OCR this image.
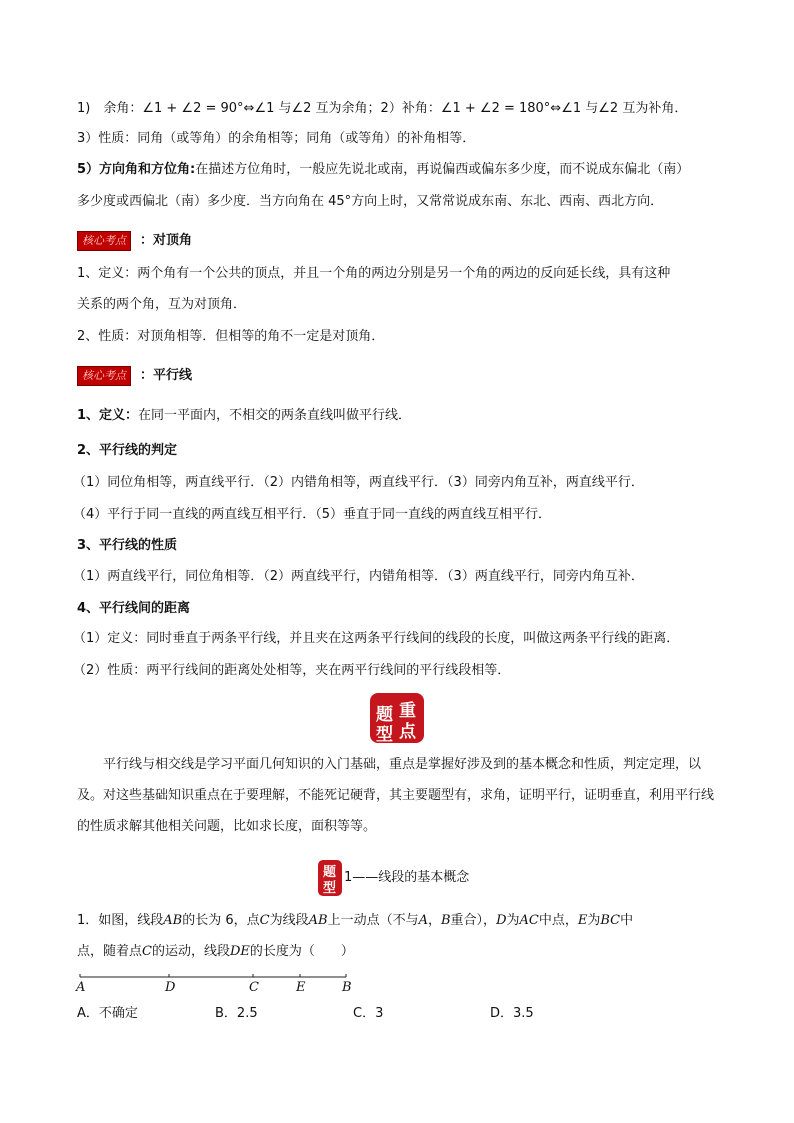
1)　余角：∠1 + ∠2 = 90°⇔∠1 与∠2 互为余角；2）补角：∠1 + ∠2 = 180°⇔∠1 与∠2 互为补角．
3）性质：同角（或等角）的余角相等；同角（或等角）的补角相等．
5）方向角和方位角:在描述方位角时，一般应先说北或南，再说偏西或偏东多少度，而不说成东偏北（南）
多少度或西偏北（南）多少度．当方向角在 45°方向上时，又常常说成东南、东北、西南、西北方向．
核心考点	：对顶角
1、定义：两个角有一个公共的顶点，并且一个角的两边分别是另一个角的两边的反向延长线，具有这种
关系的两个角，互为对顶角．
2、性质：对顶角相等．但相等的角不一定是对顶角．
核心考点	：平行线
1、定义：在同一平面内，不相交的两条直线叫做平行线．
2、平行线的判定
（1）同位角相等，两直线平行．（2）内错角相等，两直线平行．（3）同旁内角互补，两直线平行．
（4）平行于同一直线的两直线互相平行．（5）垂直于同一直线的两直线互相平行．
3、平行线的性质
（1）两直线平行，同位角相等．（2）两直线平行，内错角相等．（3）两直线平行，同旁内角互补．
4、平行线间的距离
（1）定义：同时垂直于两条平行线，并且夹在这两条平行线间的线段的长度，叫做这两条平行线的距离．
（2）性质：两平行线间的距离处处相等，夹在两平行线间的平行线段相等．
题 重
型 点
平行线与相交线是学习平面几何知识的入门基础，重点是掌握好涉及到的基本概念和性质，判定定理，以及。对这些基础知识重点在于要理解，不能死记硬背，其主要题型有，求角，证明平行，证明垂直，利用平行线的性质求解其他相关问题，比如求长度，面积等等。
题
型
1——线段的基本概念
1．如图，线段AB的长为 6，点C为线段AB上一动点（不与A，B重合），D为AC中点，E为BC中
点，随着点C的运动，线段DE的长度为（　　）
A	D	C	E	B
A．不确定	B．2.5	C．3	D．3.5
